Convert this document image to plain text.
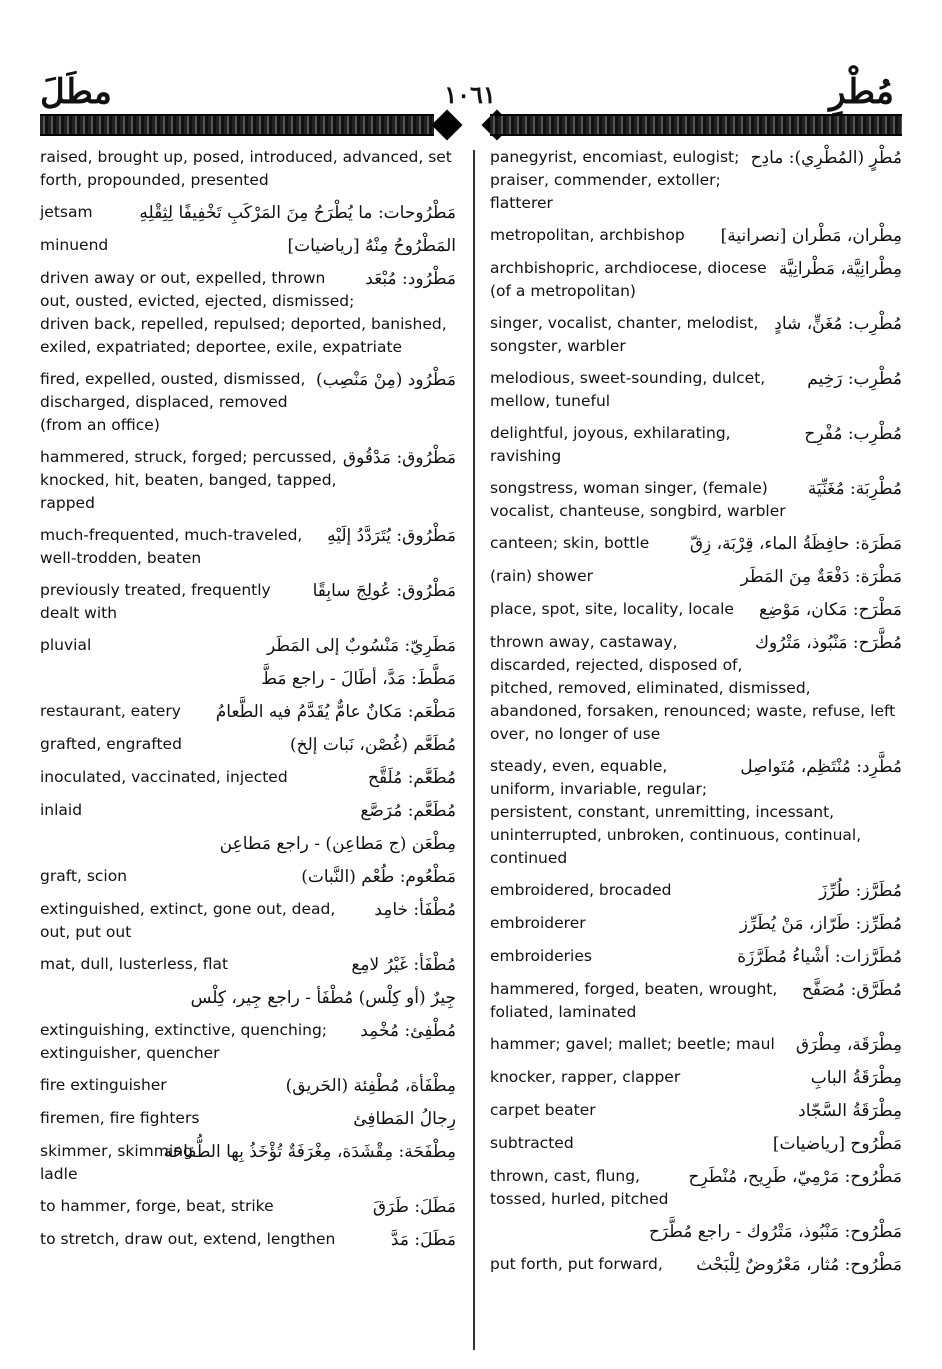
مطَلَ	١٠٦١	مُطْرٍ
raised, brought up, posed, introduced, advanced, set forth, propounded, presented
مَطْرُوحات: ما يُطْرَحُ مِنَ المَرْكَبِ تَخْفِيفًا لِثِقْلِهِ
jetsam
المَطْرُوحُ مِنْهُ [رياضيات]
minuend
مَطْرُود: مُبْعَد
driven away or out, expelled, thrown out, ousted, evicted, ejected, dismissed; driven back, repelled, repulsed; deported, banished, exiled, expatriated; deportee, exile, expatriate
مَطْرُود (مِنْ مَنْصِب)
fired, expelled, ousted, dismissed, discharged, displaced, removed (from an office)
مَطْرُوق: مَدْقُوق
hammered, struck, forged; percussed, knocked, hit, beaten, banged, tapped, rapped
مَطْرُوق: يُتَرَدَّدُ إلَيْهِ
much-frequented, much-traveled, well-trodden, beaten
مَطْرُوق: عُولِجَ سابِقًا
previously treated, frequently dealt with
مَطَرِيّ: مَنْسُوبٌ إلى المَطَر
pluvial
مَطَّطَ: مَدَّ، أطَالَ - راجع مَطَّ
مَطْعَم: مَكانٌ عامٌّ يُقَدَّمُ فيه الطَّعامُ
restaurant, eatery
مُطَعَّم (غُصْن، نَبات إلخ)
grafted, engrafted
مُطَعَّم: مُلَقَّح
inoculated, vaccinated, injected
مُطَعَّم: مُرَصَّع
inlaid
مِطْعَن (ج مَطاعِن) - راجع مَطاعِن
مَطْعُوم: طُعْم (النَّبات)
graft, scion
مُطْفَأ: خامِد
extinguished, extinct, gone out, dead, out, put out
مُطْفَأ: غَيْرُ لامِع
mat, dull, lusterless, flat
جِيرٌ (أو كِلْس) مُطْفَأ - راجع جِير، كِلْس
مُطْفِئ: مُخْمِد
extinguishing, extinctive, quenching; extinguisher, quencher
مِطْفَأة، مُطْفِئة (الحَريق)
fire extinguisher
رِجالُ المَطافِئ
firemen, fire fighters
مِطْفَحَة: مِقْشَدَة، مِغْرَفَةٌ تُؤْخَذُ بِها الطُّفاحَة
skimmer, skimming ladle
مَطَلَ: طَرَقَ
to hammer, forge, beat, strike
مَطَلَ: مَدَّ
to stretch, draw out, extend, lengthen
مُطْرٍ (المُطْرِي): مادِح
panegyrist, encomiast, eulogist; praiser, commender, extoller; flatterer
مِطْران، مَطْران [نصرانية]
metropolitan, archbishop
مِطْرانِيَّة، مَطْرانِيَّة
archbishopric, archdiocese, diocese (of a metropolitan)
مُطْرِب: مُغَنٍّ، شادٍ
singer, vocalist, chanter, melodist, songster, warbler
مُطْرِب: رَخِيم
melodious, sweet-sounding, dulcet, mellow, tuneful
مُطْرِب: مُفْرِح
delightful, joyous, exhilarating, ravishing
مُطْرِبَة: مُغَنِّيَة
songstress, woman singer, (female) vocalist, chanteuse, songbird, warbler
مَطَرَة: حافِظَةُ الماء، قِرْبَة، زِقّ
canteen; skin, bottle
مَطْرَة: دَفْعَةٌ مِنَ المَطَر
(rain) shower
مَطْرَح: مَكان، مَوْضِع
place, spot, site, locality, locale
مُطَّرَح: مَنْبُوذ، مَتْرُوك
thrown away, castaway, discarded, rejected, disposed of, pitched, removed, eliminated, dismissed, abandoned, forsaken, renounced; waste, refuse, left over, no longer of use
مُطَّرِد: مُنْتَظِم، مُتَواصِل
steady, even, equable, uniform, invariable, regular; persistent, constant, unremitting, incessant, uninterrupted, unbroken, continuous, continual, continued
مُطَرَّز: طُرِّزَ
embroidered, brocaded
مُطَرِّز: طَرّاز، مَنْ يُطَرِّز
embroiderer
مُطَرَّزات: أشْياءُ مُطَرَّزَة
embroideries
مُطَرَّق: مُصَفَّح
hammered, forged, beaten, wrought, foliated, laminated
مِطْرَقَة، مِطْرَق
hammer; gavel; mallet; beetle; maul
مِطْرَقَةُ البابِ
knocker, rapper, clapper
مِطْرَقَةُ السَّجّاد
carpet beater
مَطْرُوح [رياضيات]
subtracted
مَطْرُوح: مَرْمِيّ، طَرِيح، مُنْطَرِح
thrown, cast, flung, tossed, hurled, pitched
مَطْرُوح: مَنْبُوذ، مَتْرُوك - راجع مُطَّرَح
مَطْرُوح: مُثار، مَعْرُوضٌ لِلْبَحْث
put forth, put forward,
